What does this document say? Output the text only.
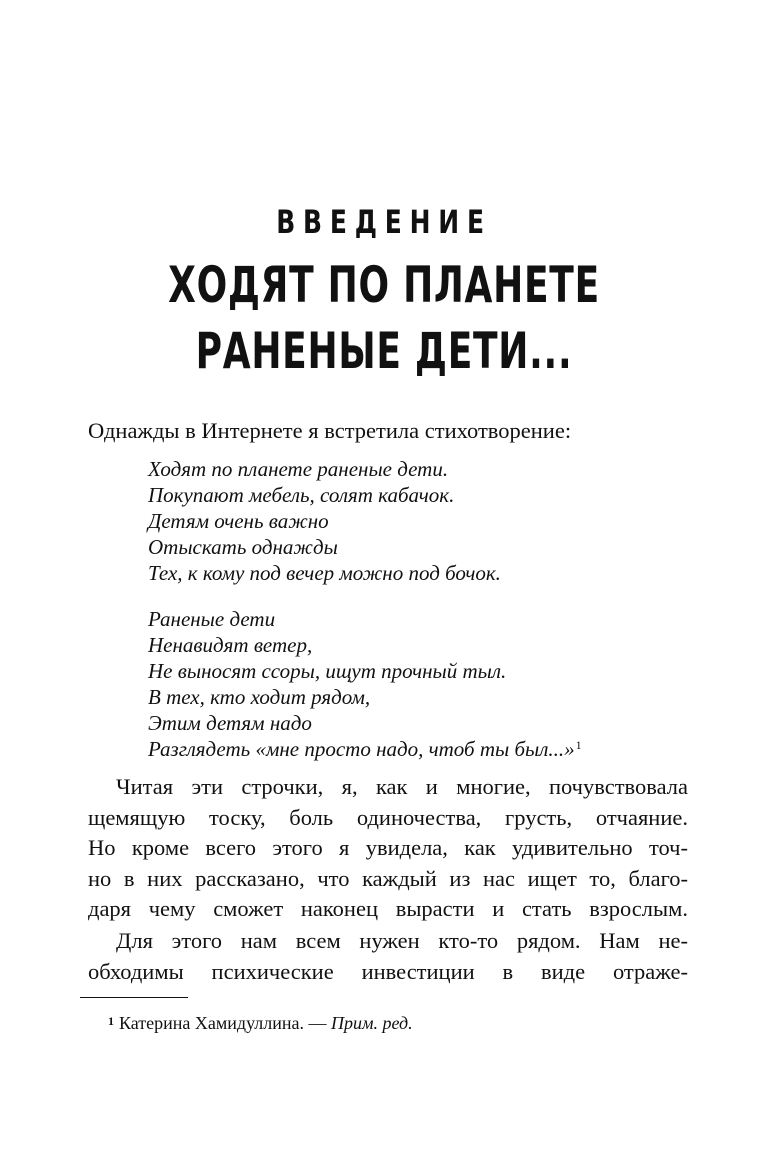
ВВЕДЕНИЕ
ХОДЯТ ПО ПЛАНЕТЕ
РАНЕНЫЕ ДЕТИ...
Однажды в Интернете я встретила стихотворение:
Ходят по планете раненые дети.
Покупают мебель, солят кабачок.
Детям очень важно
Отыскать однажды
Тех, к кому под вечер можно под бочок.
Раненые дети
Ненавидят ветер,
Не выносят ссоры, ищут прочный тыл.
В тех, кто ходит рядом,
Этим детям надо
Разглядеть «мне просто надо, чтоб ты был...»$^1$
Читая эти строчки, я, как и многие, почувствовала
щемящую тоску, боль одиночества, грусть, отчаяние.
Но кроме всего этого я увидела, как удивительно точ-
но в них рассказано, что каждый из нас ищет то, благо-
даря чему сможет наконец вырасти и стать взрослым.
Для этого нам всем нужен кто-то рядом. Нам не-
обходимы психические инвестиции в виде отраже-
$^1$ Катерина Хамидуллина. — Прим. ред.
